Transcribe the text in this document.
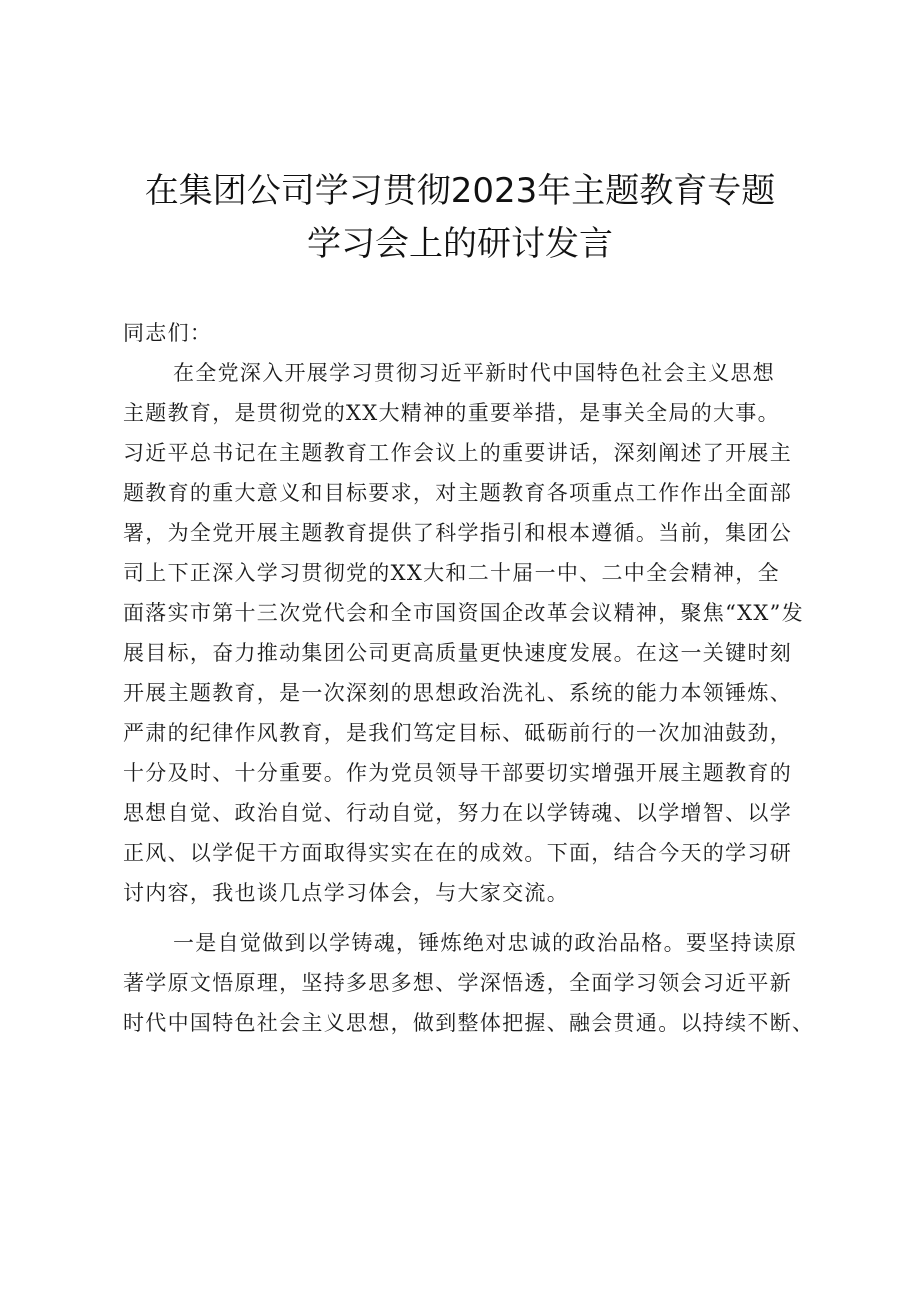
在集团公司学习贯彻2023年主题教育专题
学习会上的研讨发言
同志们：
在全党深入开展学习贯彻习近平新时代中国特色社会主义思想
主题教育，是贯彻党的XX大精神的重要举措，是事关全局的大事。
习近平总书记在主题教育工作会议上的重要讲话，深刻阐述了开展主
题教育的重大意义和目标要求，对主题教育各项重点工作作出全面部
署，为全党开展主题教育提供了科学指引和根本遵循。当前，集团公
司上下正深入学习贯彻党的XX大和二十届一中、二中全会精神，全
面落实市第十三次党代会和全市国资国企改革会议精神，聚焦“XX”发
展目标，奋力推动集团公司更高质量更快速度发展。在这一关键时刻
开展主题教育，是一次深刻的思想政治洗礼、系统的能力本领锤炼、
严肃的纪律作风教育，是我们笃定目标、砥砺前行的一次加油鼓劲，
十分及时、十分重要。作为党员领导干部要切实增强开展主题教育的
思想自觉、政治自觉、行动自觉，努力在以学铸魂、以学增智、以学
正风、以学促干方面取得实实在在的成效。下面，结合今天的学习研
讨内容，我也谈几点学习体会，与大家交流。
一是自觉做到以学铸魂，锤炼绝对忠诚的政治品格。要坚持读原
著学原文悟原理，坚持多思多想、学深悟透，全面学习领会习近平新
时代中国特色社会主义思想，做到整体把握、融会贯通。以持续不断、
